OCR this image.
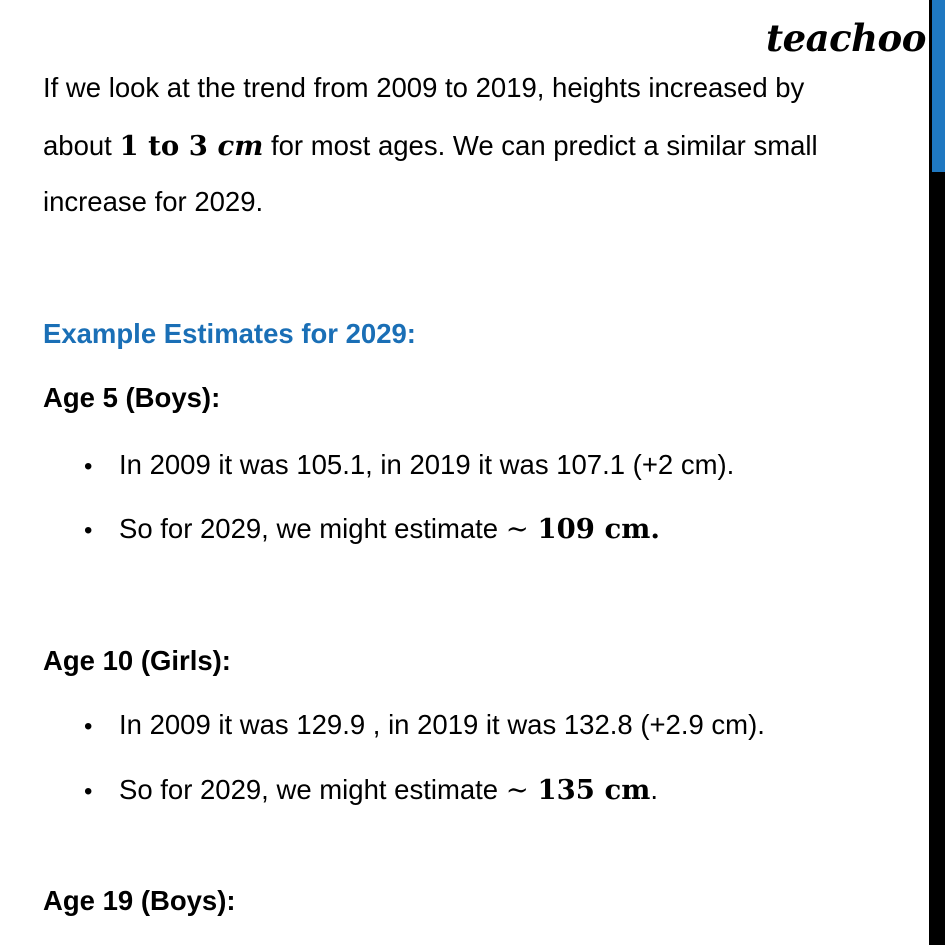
teachoo
If we look at the trend from 2009 to 2019, heights increased by
about 1 to 3 cm for most ages. We can predict a similar small
increase for 2029.
Example Estimates for 2029:
Age 5 (Boys):
• In 2009 it was 105.1, in 2019 it was 107.1 (+2 cm).
• So for 2029, we might estimate ∼ 109 cm.
Age 10 (Girls):
• In 2009 it was 129.9 , in 2019 it was 132.8 (+2.9 cm).
• So for 2029, we might estimate ∼ 135 cm.
Age 19 (Boys):
